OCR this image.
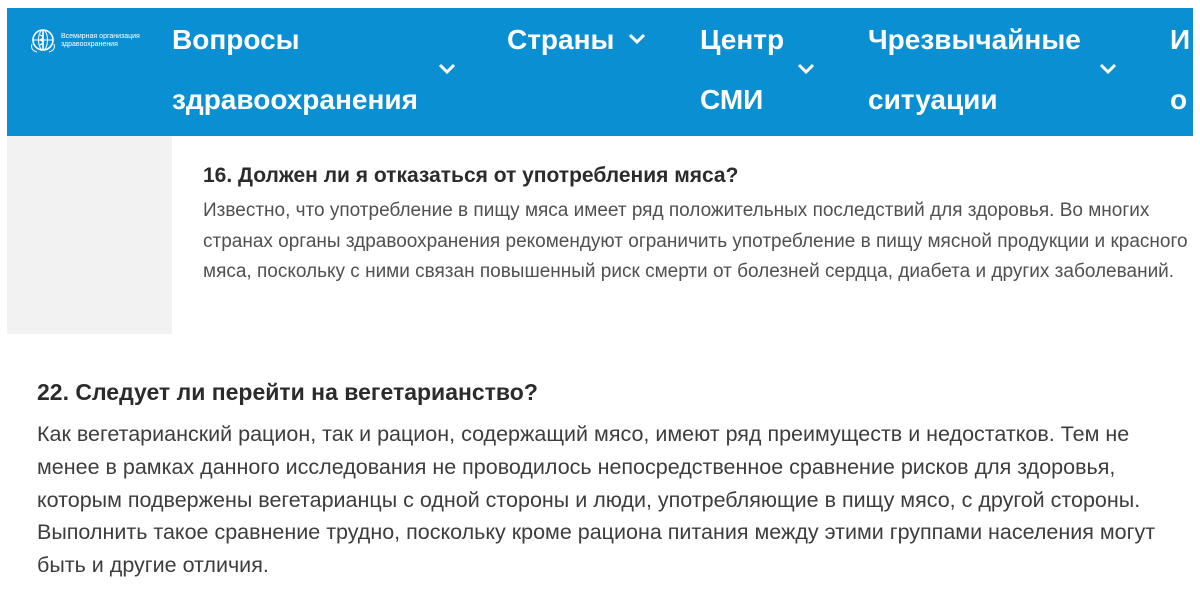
Всемирная организация
здравоохранения	Вопросы
здравоохранения
Страны	Центр
СМИ
Чрезвычайные
ситуации
И
о
16. Должен ли я отказаться от употребления мяса?

Известно, что употребление в пищу мяса имеет ряд положительных последствий для здоровья. Во многих странах органы здравоохранения рекомендуют ограничить употребление в пищу мясной продукции и красного мяса, поскольку с ними связан повышенный риск смерти от болезней сердца, диабета и других заболеваний.

22. Следует ли перейти на вегетарианство?

Как вегетарианский рацион, так и рацион, содержащий мясо, имеют ряд преимуществ и недостатков. Тем не менее в рамках данного исследования не проводилось непосредственное сравнение рисков для здоровья, которым подвержены вегетарианцы с одной стороны и люди, употребляющие в пищу мясо, с другой стороны. Выполнить такое сравнение трудно, поскольку кроме рациона питания между этими группами населения могут быть и другие отличия.
